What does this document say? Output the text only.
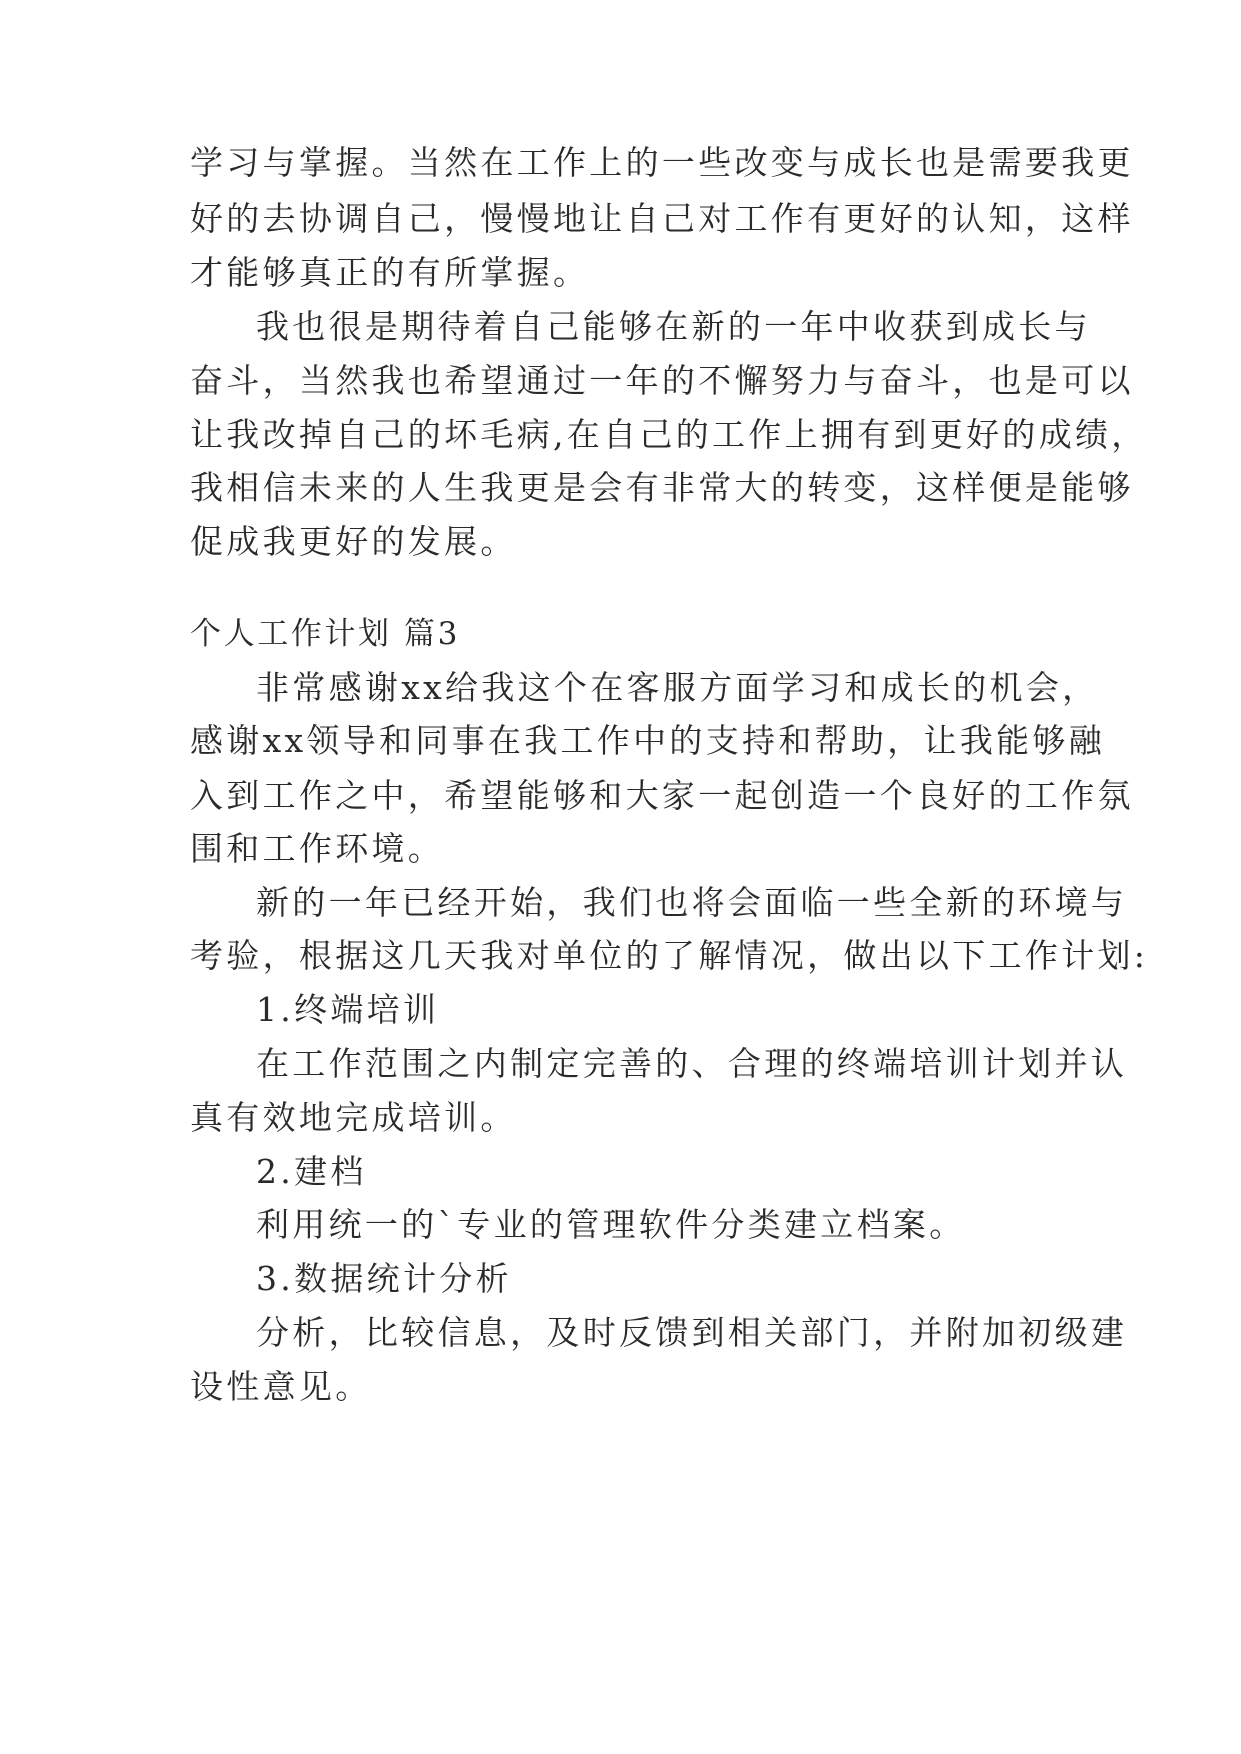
学习与掌握。当然在工作上的一些改变与成长也是需要我更
好的去协调自己，慢慢地让自己对工作有更好的认知，这样
才能够真正的有所掌握。
我也很是期待着自己能够在新的一年中收获到成长与
奋斗，当然我也希望通过一年的不懈努力与奋斗，也是可以
让我改掉自己的坏毛病,在自己的工作上拥有到更好的成绩，
我相信未来的人生我更是会有非常大的转变，这样便是能够
促成我更好的发展。
个人工作计划 篇3
非常感谢xx给我这个在客服方面学习和成长的机会，
感谢xx领导和同事在我工作中的支持和帮助，让我能够融
入到工作之中，希望能够和大家一起创造一个良好的工作氛
围和工作环境。
新的一年已经开始，我们也将会面临一些全新的环境与
考验，根据这几天我对单位的了解情况，做出以下工作计划:
1.终端培训
在工作范围之内制定完善的、合理的终端培训计划并认
真有效地完成培训。
2.建档
利用统一的`专业的管理软件分类建立档案。
3.数据统计分析
分析，比较信息，及时反馈到相关部门，并附加初级建
设性意见。
